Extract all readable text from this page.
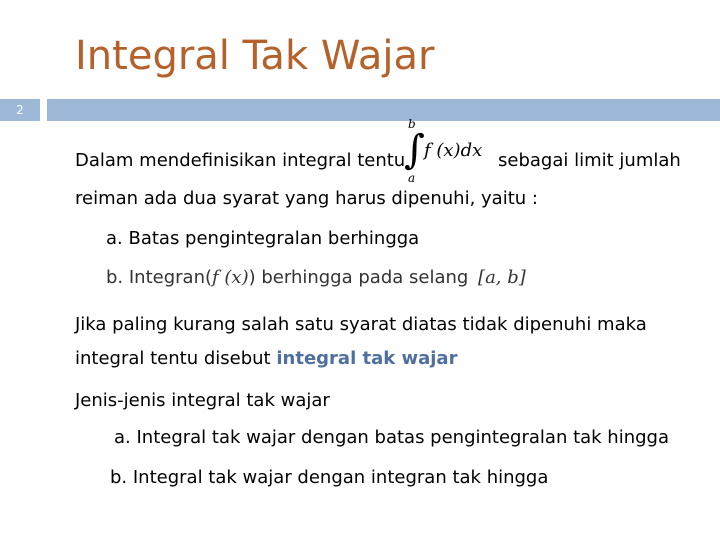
Integral Tak Wajar
2
Dalam mendefinisikan integral tentu
b
∫
a
f (x)dx sebagai limit jumlah
reiman ada dua syarat yang harus dipenuhi, yaitu :
a. Batas pengintegralan berhingga
b. Integran(f (x)) berhingga pada selang [a, b]
Jika paling kurang salah satu syarat diatas tidak dipenuhi maka
integral tentu disebut integral tak wajar
Jenis-jenis integral tak wajar
a. Integral tak wajar dengan batas pengintegralan tak hingga
b. Integral tak wajar dengan integran tak hingga
